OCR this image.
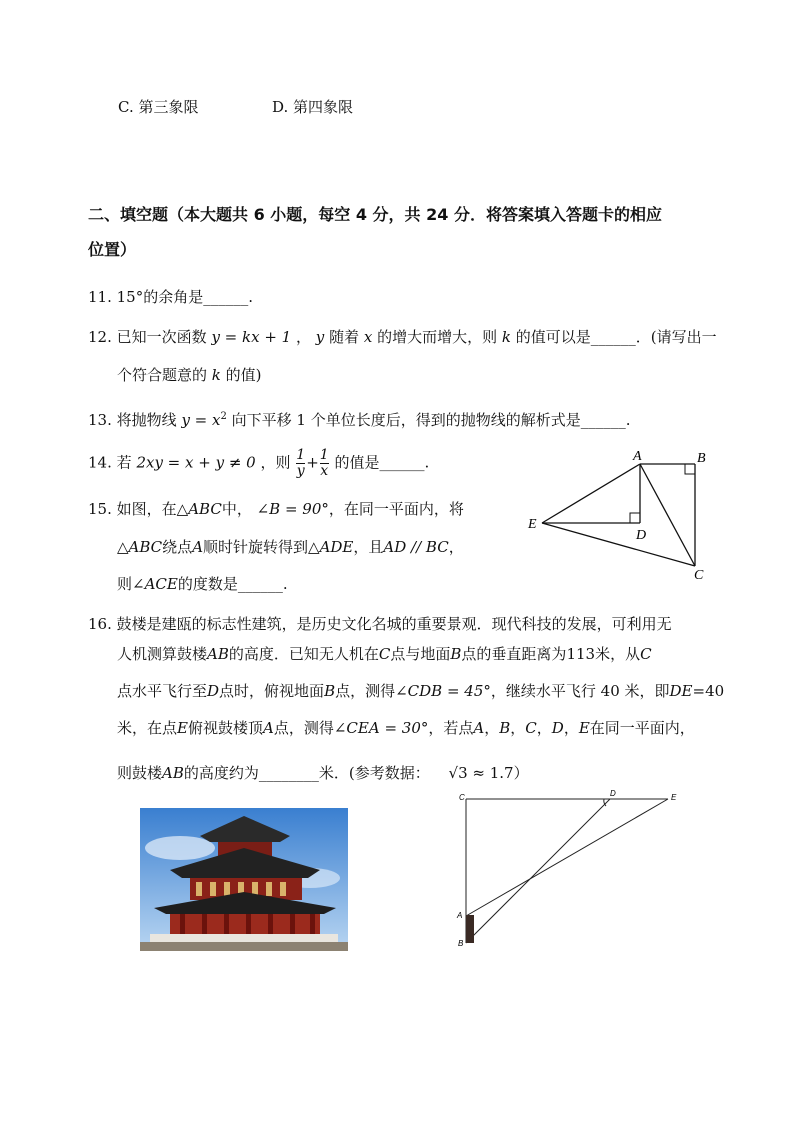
C. 第三象限	D. 第四象限
二、填空题（本大题共 6 小题，每空 4 分，共 24 分．将答案填入答题卡的相应
位置）
11. 15°的余角是______.
12. 已知一次函数 y = kx + 1 ， y 随着 x 的增大而增大，则 k 的值可以是______．(请写出一
个符合题意的 k 的值)
13. 将抛物线 $y = x^2$ 向下平移 1 个单位长度后，得到的抛物线的解析式是______.
14. 若 2xy = x + y ≠ 0 ，则 $\frac{1}{y} + \frac{1}{x}$ 的值是______.
15. 如图，在△ABC中， ∠B = 90°，在同一平面内，将
△ABC绕点A顺时针旋转得到△ADE，且AD // BC，
则∠ACE的度数是______.
A	B
C
D
E
16. 鼓楼是建瓯的标志性建筑，是历史文化名城的重要景观．现代科技的发展，可利用无
人机测算鼓楼AB的高度．已知无人机在C点与地面B点的垂直距离为113米，从C
点水平飞行至D点时，俯视地面B点，测得∠CDB = 45°，继续水平飞行 40 米，即DE=40
米，在点E俯视鼓楼顶A点，测得∠CEA = 30°，若点A，B，C，D，E在同一平面内，
则鼓楼AB的高度约为________米．(参考数据： √3 ≈ 1.7）
C	D	E
A
B
